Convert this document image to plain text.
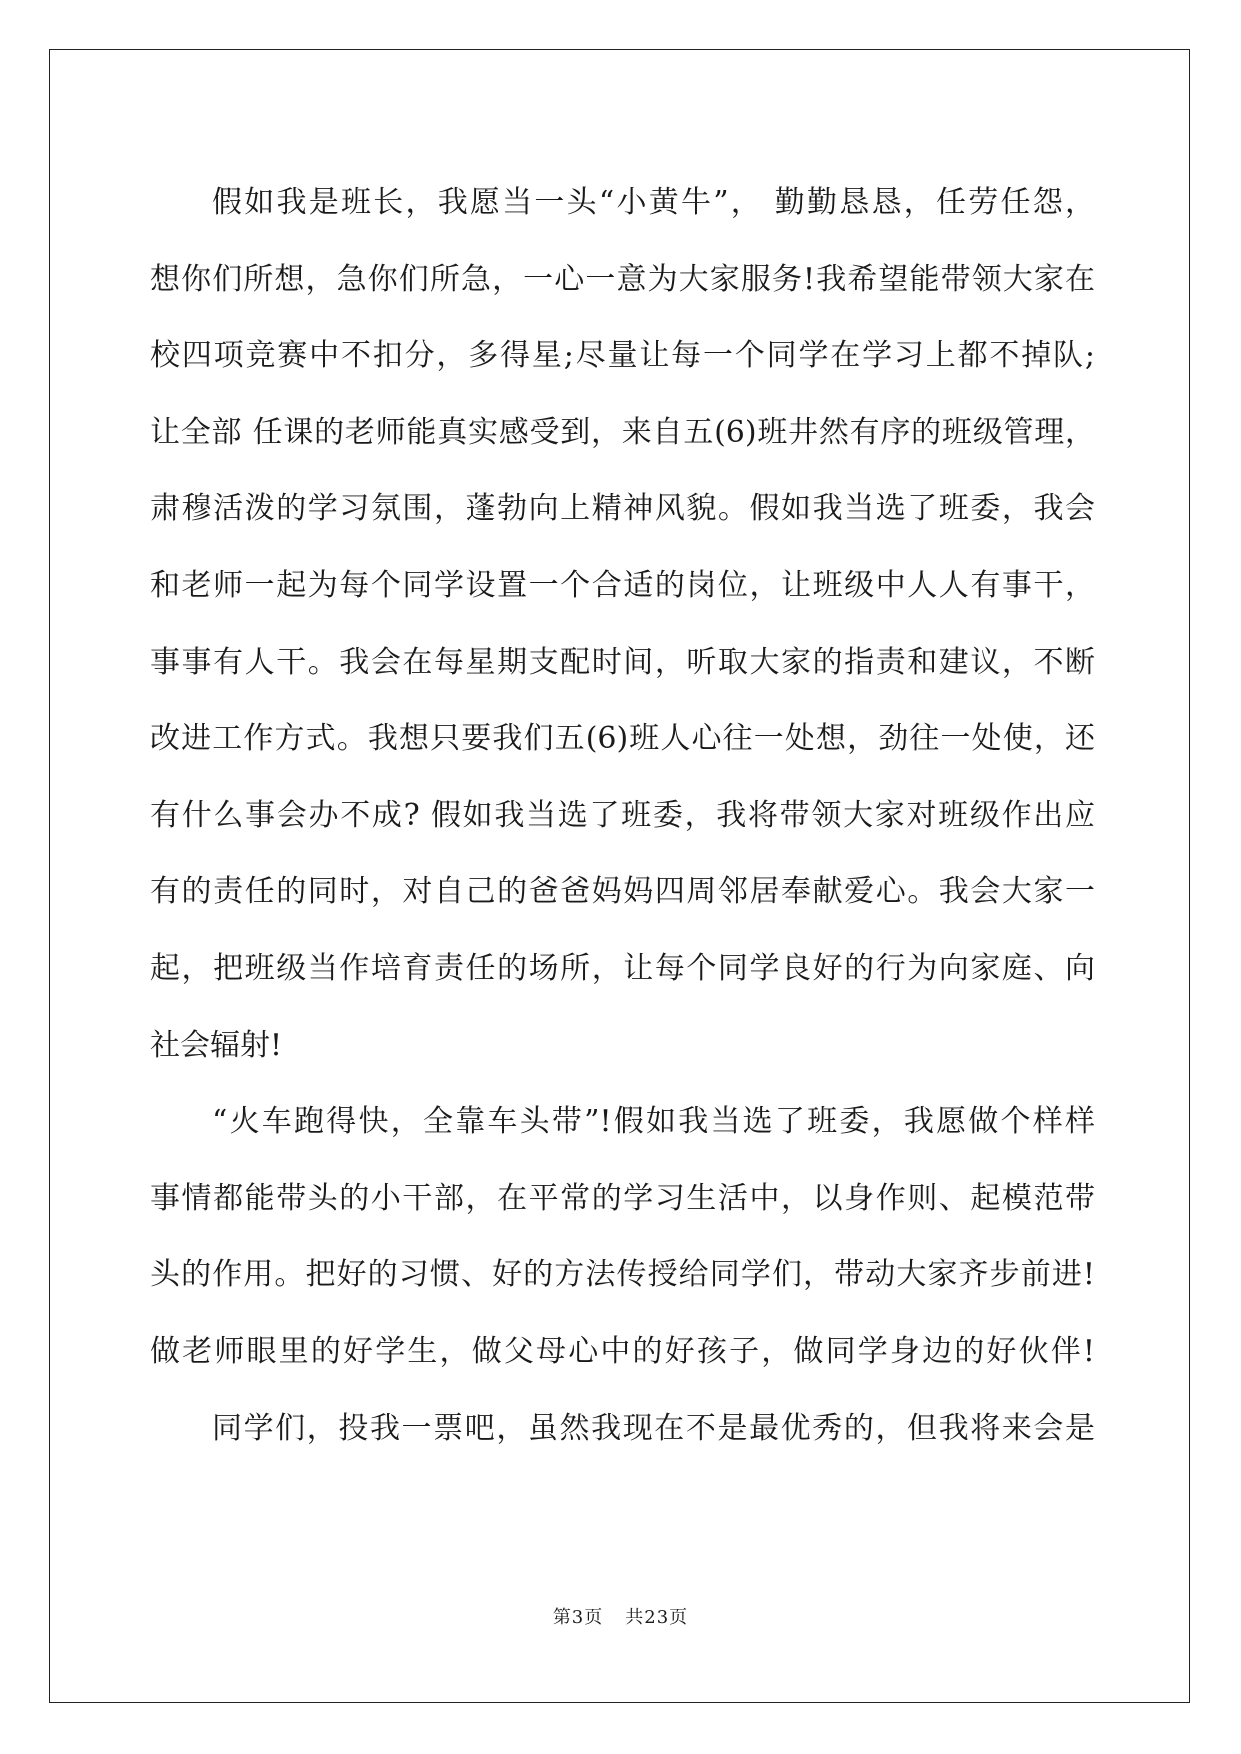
假如我是班长，我愿当一头“小黄牛”， 勤勤恳恳，任劳任怨，
想你们所想，急你们所急，一心一意为大家服务!我希望能带领大家在
校四项竞赛中不扣分，多得星;尽量让每一个同学在学习上都不掉队;
让全部 任课的老师能真实感受到，来自五(6)班井然有序的班级管理，
肃穆活泼的学习氛围，蓬勃向上精神风貌。假如我当选了班委，我会
和老师一起为每个同学设置一个合适的岗位，让班级中人人有事干，
事事有人干。我会在每星期支配时间，听取大家的指责和建议，不断
改进工作方式。我想只要我们五(6)班人心往一处想，劲往一处使，还
有什么事会办不成? 假如我当选了班委，我将带领大家对班级作出应
有的责任的同时，对自己的爸爸妈妈四周邻居奉献爱心。我会大家一
起，把班级当作培育责任的场所，让每个同学良好的行为向家庭、向
社会辐射!
“火车跑得快，全靠车头带”!假如我当选了班委，我愿做个样样
事情都能带头的小干部，在平常的学习生活中，以身作则、起模范带
头的作用。把好的习惯、好的方法传授给同学们，带动大家齐步前进!
做老师眼里的好学生，做父母心中的好孩子，做同学身边的好伙伴!
同学们，投我一票吧，虽然我现在不是最优秀的，但我将来会是
第3页 共23页
